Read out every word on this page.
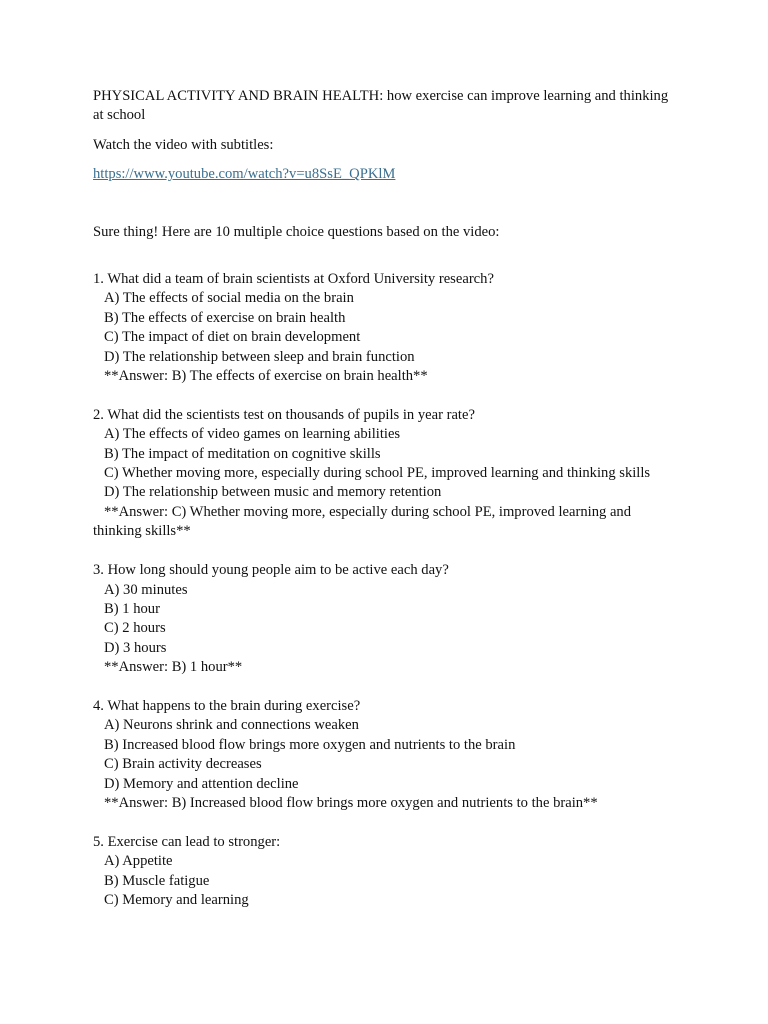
PHYSICAL ACTIVITY AND BRAIN HEALTH: how exercise can improve learning and thinking at school
Watch the video with subtitles:
https://www.youtube.com/watch?v=u8SsE_QPKlM
Sure thing! Here are 10 multiple choice questions based on the video:
1. What did a team of brain scientists at Oxford University research?
A) The effects of social media on the brain
B) The effects of exercise on brain health
C) The impact of diet on brain development
D) The relationship between sleep and brain function
**Answer: B) The effects of exercise on brain health**
2. What did the scientists test on thousands of pupils in year rate?
A) The effects of video games on learning abilities
B) The impact of meditation on cognitive skills
C) Whether moving more, especially during school PE, improved learning and thinking skills
D) The relationship between music and memory retention
**Answer: C) Whether moving more, especially during school PE, improved learning and thinking skills**
3. How long should young people aim to be active each day?
A) 30 minutes
B) 1 hour
C) 2 hours
D) 3 hours
**Answer: B) 1 hour**
4. What happens to the brain during exercise?
A) Neurons shrink and connections weaken
B) Increased blood flow brings more oxygen and nutrients to the brain
C) Brain activity decreases
D) Memory and attention decline
**Answer: B) Increased blood flow brings more oxygen and nutrients to the brain**
5. Exercise can lead to stronger:
A) Appetite
B) Muscle fatigue
C) Memory and learning
